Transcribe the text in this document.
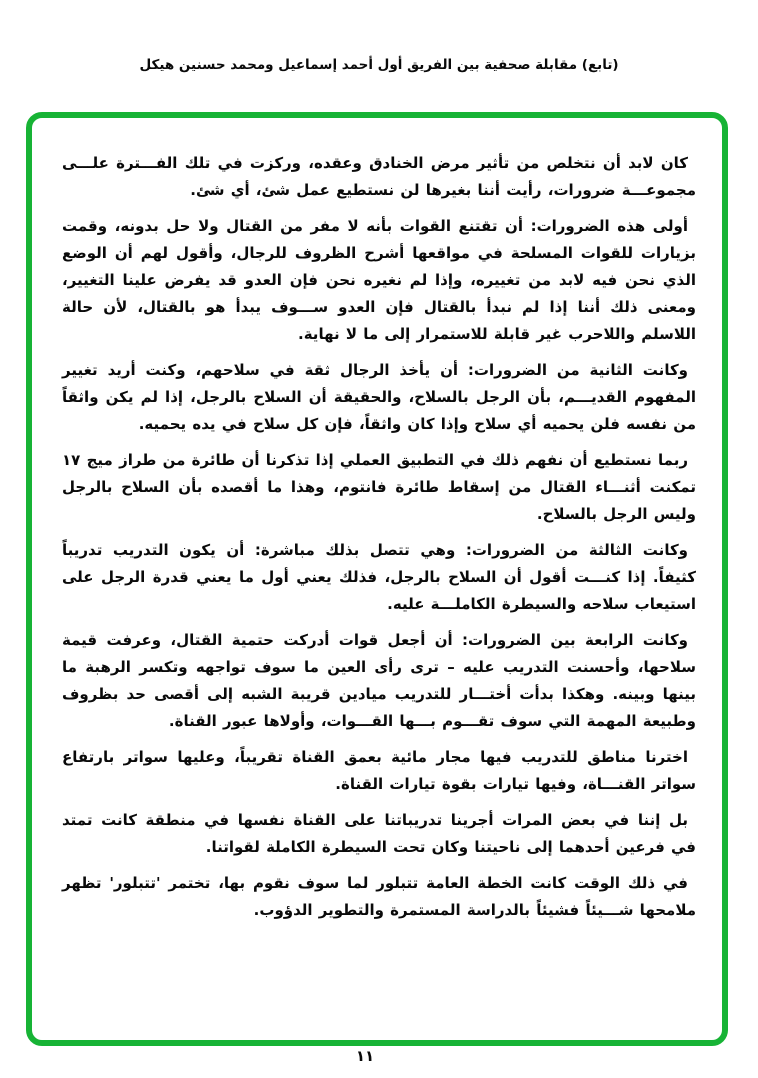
(تابع) مقابلة صحفية بين الفريق أول أحمد إسماعيل ومحمد حسنين هيكل

كان لابد أن نتخلص من تأثير مرض الخنادق وعقده، وركزت في تلك الفـــترة علـــى مجموعـــة ضرورات، رأيت أننا بغيرها لن نستطيع عمل شئ، أي شئ.

أولى هذه الضرورات: أن تقتنع القوات بأنه لا مفر من القتال ولا حل بدونه، وقمت بزيارات للقوات المسلحة في مواقعها أشرح الظروف للرجال، وأقول لهم أن الوضع الذي نحن فيه لابد من تغييره، وإذا لم نغيره نحن فإن العدو قد يفرض علينا التغيير، ومعنى ذلك أننا إذا لم نبدأ بالقتال فإن العدو ســـوف يبدأ هو بالقتال، لأن حالة اللاسلم واللاحرب غير قابلة للاستمرار إلى ما لا نهاية.

وكانت الثانية من الضرورات: أن يأخذ الرجال ثقة في سلاحهم، وكنت أريد تغيير المفهوم القديـــم، بأن الرجل بالسلاح، والحقيقة أن السلاح بالرجل، إذا لم يكن واثقاً من نفسه فلن يحميه أي سلاح وإذا كان واثقاً، فإن كل سلاح في يده يحميه.

ربما نستطيع أن نفهم ذلك في التطبيق العملي إذا تذكرنا أن طائرة من طراز ميج ١٧ تمكنت أثنـــاء القتال من إسقاط طائرة فانتوم، وهذا ما أقصده بأن السلاح بالرجل وليس الرجل بالسلاح.

وكانت الثالثة من الضرورات: وهي تتصل بذلك مباشرة: أن يكون التدريب تدريباً كثيفاً. إذا كنـــت أقول أن السلاح بالرجل، فذلك يعني أول ما يعني قدرة الرجل على استيعاب سلاحه والسيطرة الكاملـــة عليه.

وكانت الرابعة بين الضرورات: أن أجعل قوات أدركت حتمية القتال، وعرفت قيمة سلاحها، وأحسنت التدريب عليه – ترى رأى العين ما سوف تواجهه وتكسر الرهبة ما بينها وبينه. وهكذا بدأت أختـــار للتدريب ميادين قريبة الشبه إلى أقصى حد بظروف وطبيعة المهمة التي سوف تقـــوم بـــها القـــوات، وأولاها عبور القناة.

اخترنا مناطق للتدريب فيها مجار مائية بعمق القناة تقريباً، وعليها سواتر بارتفاع سواتر القنـــاة، وفيها تيارات بقوة تيارات القناة.

بل إننا في بعض المرات أجرينا تدريباتنا على القناة نفسها في منطقة كانت تمتد في فرعين أحدهما إلى ناحيتنا وكان تحت السيطرة الكاملة لقواتنا.

في ذلك الوقت كانت الخطة العامة تتبلور لما سوف نقوم بها، تختمر 'تتبلور' تظهر ملامحها شـــيئاً فشيئاً بالدراسة المستمرة والتطوير الدؤوب.

١١
